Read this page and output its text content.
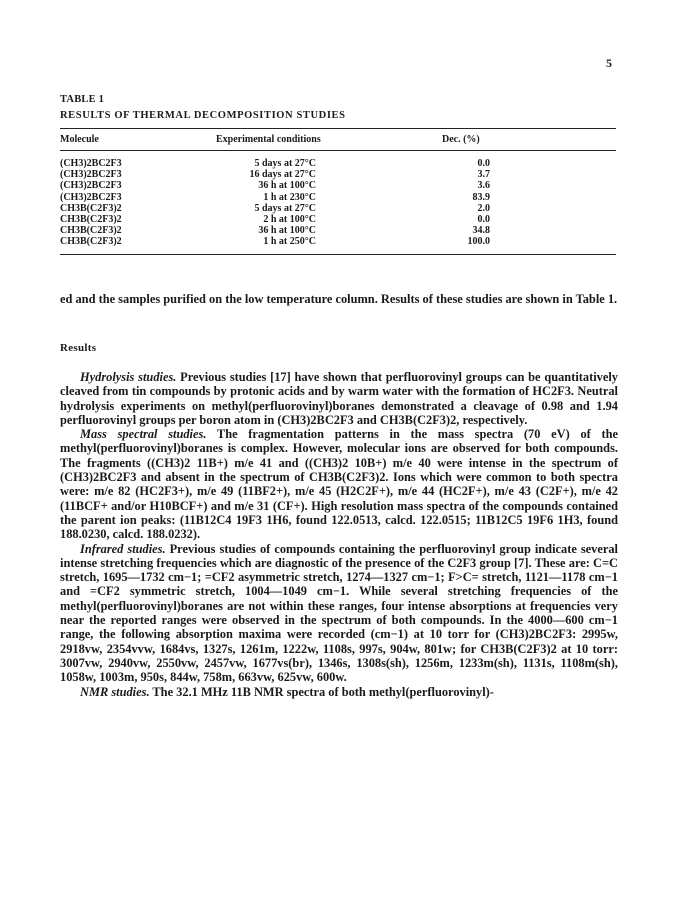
5
TABLE 1
RESULTS OF THERMAL DECOMPOSITION STUDIES
Molecule	Experimental conditions	Dec. (%)
(CH3)2BC2F3	5 days at 27°C	0.0
(CH3)2BC2F3	16 days at 27°C	3.7
(CH3)2BC2F3	36 h at 100°C	3.6
(CH3)2BC2F3	1 h at 230°C	83.9
CH3B(C2F3)2	5 days at 27°C	2.0
CH3B(C2F3)2	2 h at 100°C	0.0
CH3B(C2F3)2	36 h at 100°C	34.8
CH3B(C2F3)2	1 h at 250°C	100.0

ed and the samples purified on the low temperature column. Results of these studies are shown in Table 1.

Results

Hydrolysis studies. Previous studies [17] have shown that perfluorovinyl groups can be quantitatively cleaved from tin compounds by protonic acids and by warm water with the formation of HC2F3. Neutral hydrolysis experiments on methyl(perfluorovinyl)boranes demonstrated a cleavage of 0.98 and 1.94 perfluorovinyl groups per boron atom in (CH3)2BC2F3 and CH3B(C2F3)2, respectively.

Mass spectral studies. The fragmentation patterns in the mass spectra (70 eV) of the methyl(perfluorovinyl)boranes is complex. However, molecular ions are observed for both compounds. The fragments ((CH3)2 11B+) m/e 41 and ((CH3)2 10B+) m/e 40 were intense in the spectrum of (CH3)2BC2F3 and absent in the spectrum of CH3B(C2F3)2. Ions which were common to both spectra were: m/e 82 (HC2F3+), m/e 49 (11BF2+), m/e 45 (H2C2F+), m/e 44 (HC2F+), m/e 43 (C2F+), m/e 42 (11BCF+ and/or H10BCF+) and m/e 31 (CF+). High resolution mass spectra of the compounds contained the parent ion peaks: (11B12C4 19F3 1H6, found 122.0513, calcd. 122.0515; 11B12C5 19F6 1H3, found 188.0230, calcd. 188.0232).

Infrared studies. Previous studies of compounds containing the perfluorovinyl group indicate several intense stretching frequencies which are diagnostic of the presence of the C2F3 group [7]. These are: C=C stretch, 1695—1732 cm−1; =CF2 asymmetric stretch, 1274—1327 cm−1; F>C= stretch, 1121—1178 cm−1 and =CF2 symmetric stretch, 1004—1049 cm−1. While several stretching frequencies of the methyl(perfluorovinyl)boranes are not within these ranges, four intense absorptions at frequencies very near the reported ranges were observed in the spectrum of both compounds. In the 4000—600 cm−1 range, the following absorption maxima were recorded (cm−1) at 10 torr for (CH3)2BC2F3: 2995w, 2918vw, 2354vvw, 1684vs, 1327s, 1261m, 1222w, 1108s, 997s, 904w, 801w; for CH3B(C2F3)2 at 10 torr: 3007vw, 2940vw, 2550vw, 2457vw, 1677vs(br), 1346s, 1308s(sh), 1256m, 1233m(sh), 1131s, 1108m(sh), 1058w, 1003m, 950s, 844w, 758m, 663vw, 625vw, 600w.

NMR studies. The 32.1 MHz 11B NMR spectra of both methyl(perfluorovinyl)-
